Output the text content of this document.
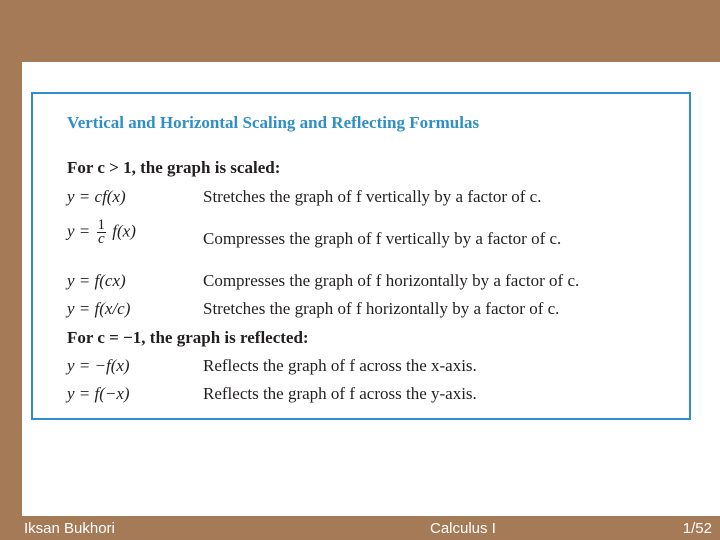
Vertical and Horizontal Scaling and Reflecting Formulas
For c > 1, the graph is scaled:
y = cf(x)	Stretches the graph of f vertically by a factor of c.
$y = \frac{1}{c} f(x)$	Compresses the graph of f vertically by a factor of c.
y = f(cx)	Compresses the graph of f horizontally by a factor of c.
y = f(x/c)	Stretches the graph of f horizontally by a factor of c.
For c = −1, the graph is reflected:
y = −f(x)	Reflects the graph of f across the x-axis.
y = f(−x)	Reflects the graph of f across the y-axis.
Iksan Bukhori	Calculus I	1/52
